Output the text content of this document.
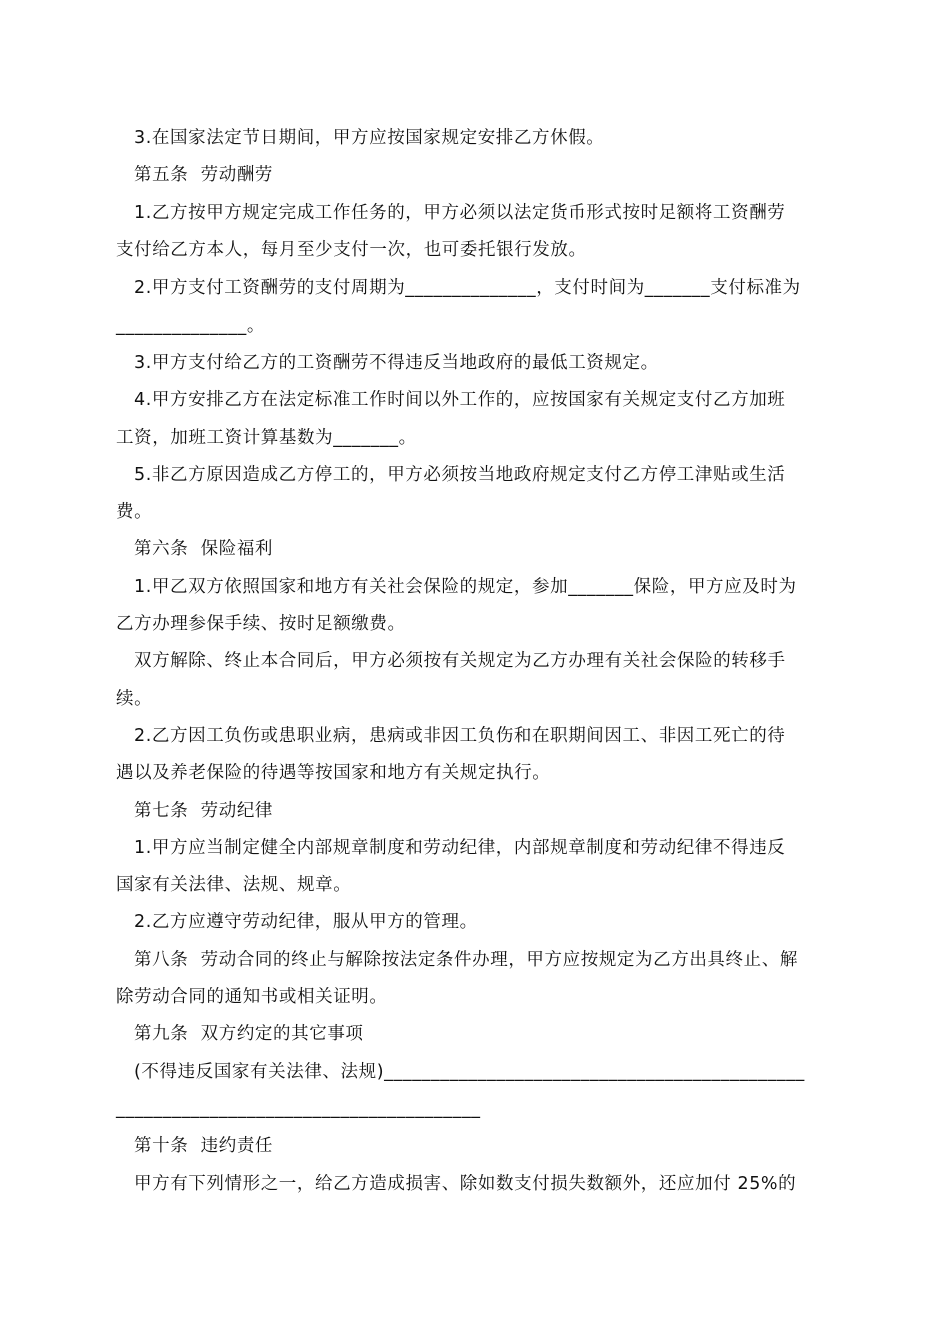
3.在国家法定节日期间，甲方应按国家规定安排乙方休假。
第五条  劳动酬劳
1.乙方按甲方规定完成工作任务的，甲方必须以法定货币形式按时足额将工资酬劳
支付给乙方本人，每月至少支付一次，也可委托银行发放。
2.甲方支付工资酬劳的支付周期为______________，支付时间为_______支付标准为
______________。
3.甲方支付给乙方的工资酬劳不得违反当地政府的最低工资规定。
4.甲方安排乙方在法定标准工作时间以外工作的，应按国家有关规定支付乙方加班
工资，加班工资计算基数为_______。
5.非乙方原因造成乙方停工的，甲方必须按当地政府规定支付乙方停工津贴或生活
费。
第六条  保险福利
1.甲乙双方依照国家和地方有关社会保险的规定，参加_______保险，甲方应及时为
乙方办理参保手续、按时足额缴费。
双方解除、终止本合同后，甲方必须按有关规定为乙方办理有关社会保险的转移手
续。
2.乙方因工负伤或患职业病，患病或非因工负伤和在职期间因工、非因工死亡的待
遇以及养老保险的待遇等按国家和地方有关规定执行。
第七条  劳动纪律
1.甲方应当制定健全内部规章制度和劳动纪律，内部规章制度和劳动纪律不得违反
国家有关法律、法规、规章。
2.乙方应遵守劳动纪律，服从甲方的管理。
第八条  劳动合同的终止与解除按法定条件办理，甲方应按规定为乙方出具终止、解
除劳动合同的通知书或相关证明。
第九条  双方约定的其它事项
(不得违反国家有关法律、法规)_____________________________________________
_______________________________________
第十条  违约责任
甲方有下列情形之一，给乙方造成损害、除如数支付损失数额外，还应加付 25%的
